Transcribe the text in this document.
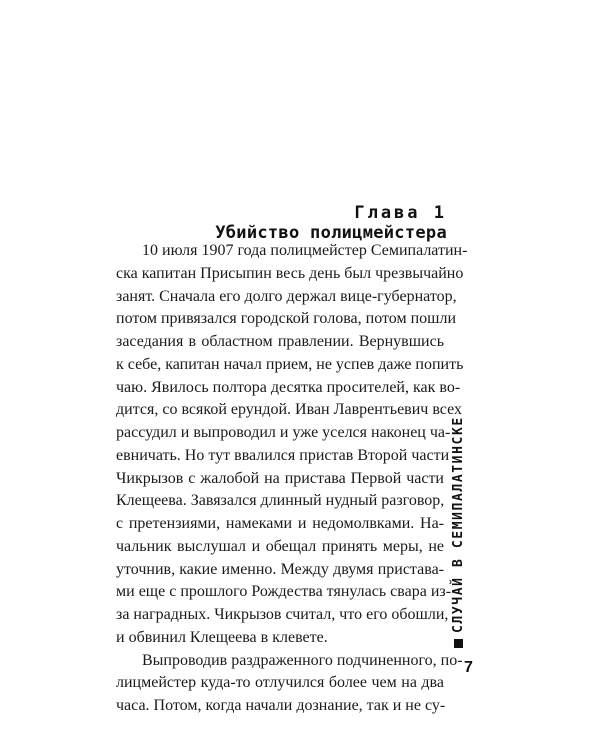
Глава 1
Убийство полицмейстера
10 июля 1907 года полицмейстер Семипалатин-
ска капитан Присыпин весь день был чрезвычайно
занят. Сначала его долго держал вице-губернатор,
потом привязался городской голова, потом пошли
заседания в областном правлении. Вернувшись
к себе, капитан начал прием, не успев даже попить
чаю. Явилось полтора десятка просителей, как во-
дится, со всякой ерундой. Иван Лаврентьевич всех
рассудил и выпроводил и уже уселся наконец ча-
евничать. Но тут ввалился пристав Второй части
Чикрызов с жалобой на пристава Первой части
Клещеева. Завязался длинный нудный разговор,
с претензиями, намеками и недомолвками. На-
чальник выслушал и обещал принять меры, не
уточнив, какие именно. Между двумя пристава-
ми еще с прошлого Рождества тянулась свара из-
за наградных. Чикрызов считал, что его обошли,
и обвинил Клещеева в клевете.
Выпроводив раздраженного подчиненного, по-
лицмейстер куда-то отлучился более чем на два
часа. Потом, когда начали дознание, так и не су-
СЛУЧАЙ В СЕМИПАЛАТИНСКЕ
7
